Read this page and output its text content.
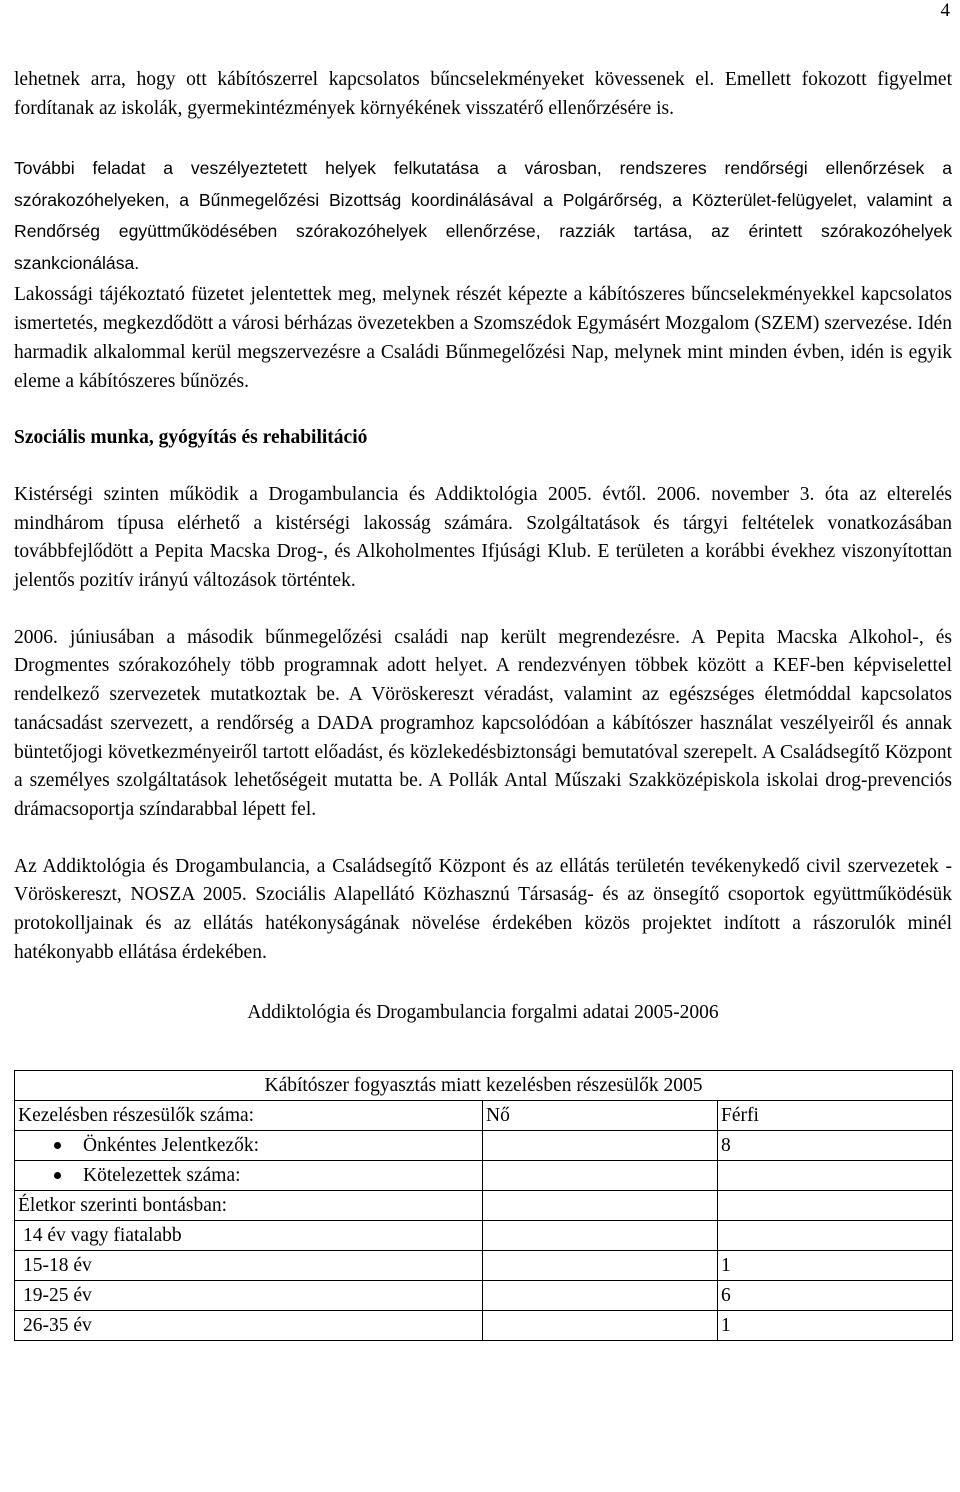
4

lehetnek arra, hogy ott kábítószerrel kapcsolatos bűncselekményeket kövessenek el. Emellett fokozott figyelmet fordítanak az iskolák, gyermekintézmények környékének visszatérő ellenőrzésére is.

További feladat a veszélyeztetett helyek felkutatása a városban, rendszeres rendőrségi ellenőrzések a szórakozóhelyeken, a Bűnmegelőzési Bizottság koordinálásával a Polgárőrség, a Közterület-felügyelet, valamint a Rendőrség együttműködésében szórakozóhelyek ellenőrzése, razziák tartása, az érintett szórakozóhelyek szankcionálása.

Lakossági tájékoztató füzetet jelentettek meg, melynek részét képezte a kábítószeres bűncselekményekkel kapcsolatos ismertetés, megkezdődött a városi bérházas övezetekben a Szomszédok Egymásért Mozgalom (SZEM) szervezése. Idén harmadik alkalommal kerül megszervezésre a Családi Bűnmegelőzési Nap, melynek mint minden évben, idén is egyik eleme a kábítószeres bűnözés.

Szociális munka, gyógyítás és rehabilitáció

Kistérségi szinten működik a Drogambulancia és Addiktológia 2005. évtől. 2006. november 3. óta az elterelés mindhárom típusa elérhető a kistérségi lakosság számára. Szolgáltatások és tárgyi feltételek vonatkozásában továbbfejlődött a Pepita Macska Drog-, és Alkoholmentes Ifjúsági Klub. E területen a korábbi évekhez viszonyítottan jelentős pozitív irányú változások történtek.

2006. júniusában a második bűnmegelőzési családi nap került megrendezésre. A Pepita Macska Alkohol-, és Drogmentes szórakozóhely több programnak adott helyet. A rendezvényen többek között a KEF-ben képviselettel rendelkező szervezetek mutatkoztak be. A Vöröskereszt véradást, valamint az egészséges életmóddal kapcsolatos tanácsadást szervezett, a rendőrség a DADA programhoz kapcsolódóan a kábítószer használat veszélyeiről és annak büntetőjogi következményeiről tartott előadást, és közlekedésbiztonsági bemutatóval szerepelt. A Családsegítő Központ a személyes szolgáltatások lehetőségeit mutatta be. A Pollák Antal Műszaki Szakközépiskola iskolai drog-prevenciós drámacsoportja színdarabbal lépett fel.

Az Addiktológia és Drogambulancia, a Családsegítő Központ és az ellátás területén tevékenykedő civil szervezetek - Vöröskereszt, NOSZA 2005. Szociális Alapellátó Közhasznú Társaság- és az önsegítő csoportok együttműködésük protokolljainak és az ellátás hatékonyságának növelése érdekében közös projektet indított a rászorulók minél hatékonyabb ellátása érdekében.

Addiktológia és Drogambulancia forgalmi adatai 2005-2006
Kábítószer fogyasztás miatt kezelésben részesülők 2005		
Kezelésben részesülők száma:	Nő	Férfi
Önkéntes Jelentkezők:		8
Kötelezettek száma:		
Életkor szerinti bontásban:		
14 év vagy fiatalabb		
15-18 év		1
19-25 év		6
26-35 év		1
